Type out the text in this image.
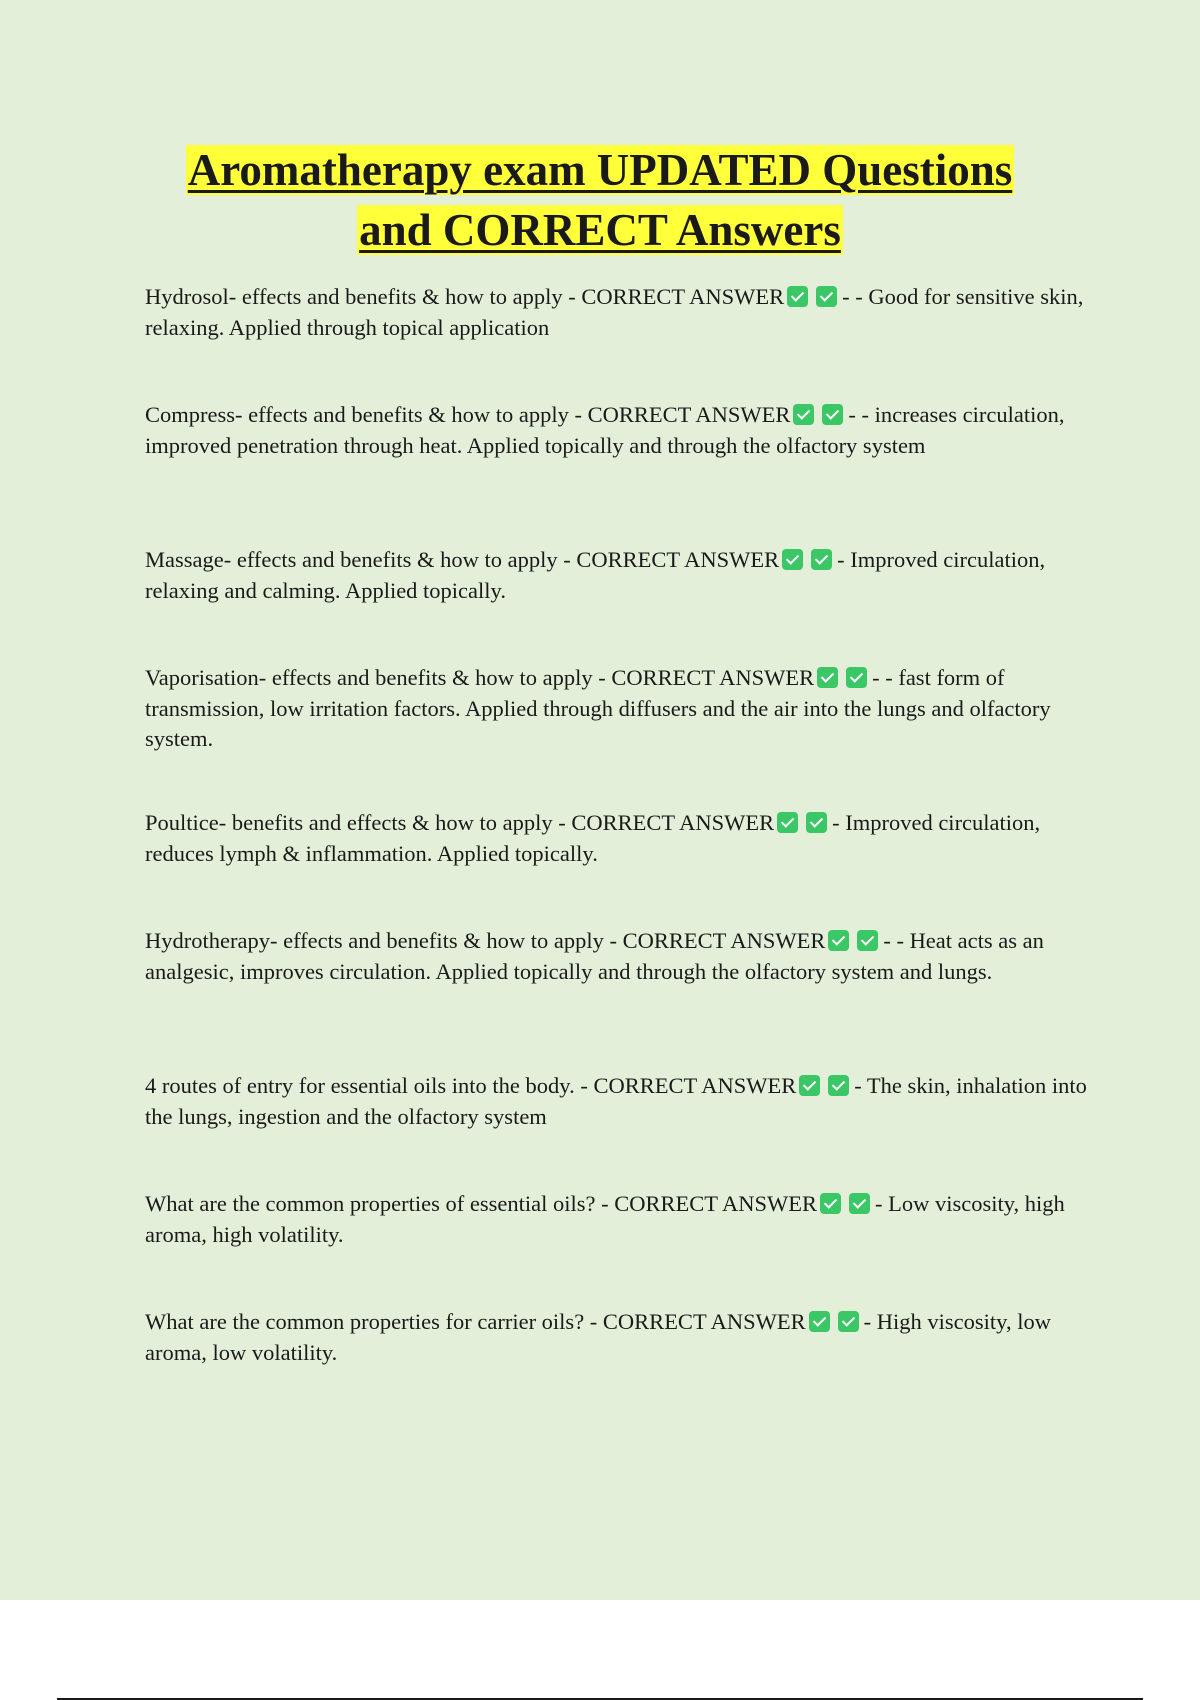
Aromatherapy exam UPDATED Questions
and CORRECT Answers

Hydrosol- effects and benefits & how to apply - CORRECT ANSWER	- - Good for sensitive skin, relaxing. Applied through topical application

Compress- effects and benefits & how to apply - CORRECT ANSWER	- - increases circulation, improved penetration through heat. Applied topically and through the olfactory system

Massage- effects and benefits & how to apply - CORRECT ANSWER	- Improved circulation, relaxing and calming. Applied topically.

Vaporisation- effects and benefits & how to apply - CORRECT ANSWER	- - fast form of transmission, low irritation factors. Applied through diffusers and the air into the lungs and olfactory system.

Poultice- benefits and effects & how to apply - CORRECT ANSWER	- Improved circulation, reduces lymph & inflammation. Applied topically.

Hydrotherapy- effects and benefits & how to apply - CORRECT ANSWER	- - Heat acts as an analgesic, improves circulation. Applied topically and through the olfactory system and lungs.

4 routes of entry for essential oils into the body. - CORRECT ANSWER	- The skin, inhalation into the lungs, ingestion and the olfactory system

What are the common properties of essential oils? - CORRECT ANSWER	- Low viscosity, high aroma, high volatility.

What are the common properties for carrier oils? - CORRECT ANSWER	- High viscosity, low aroma, low volatility.
